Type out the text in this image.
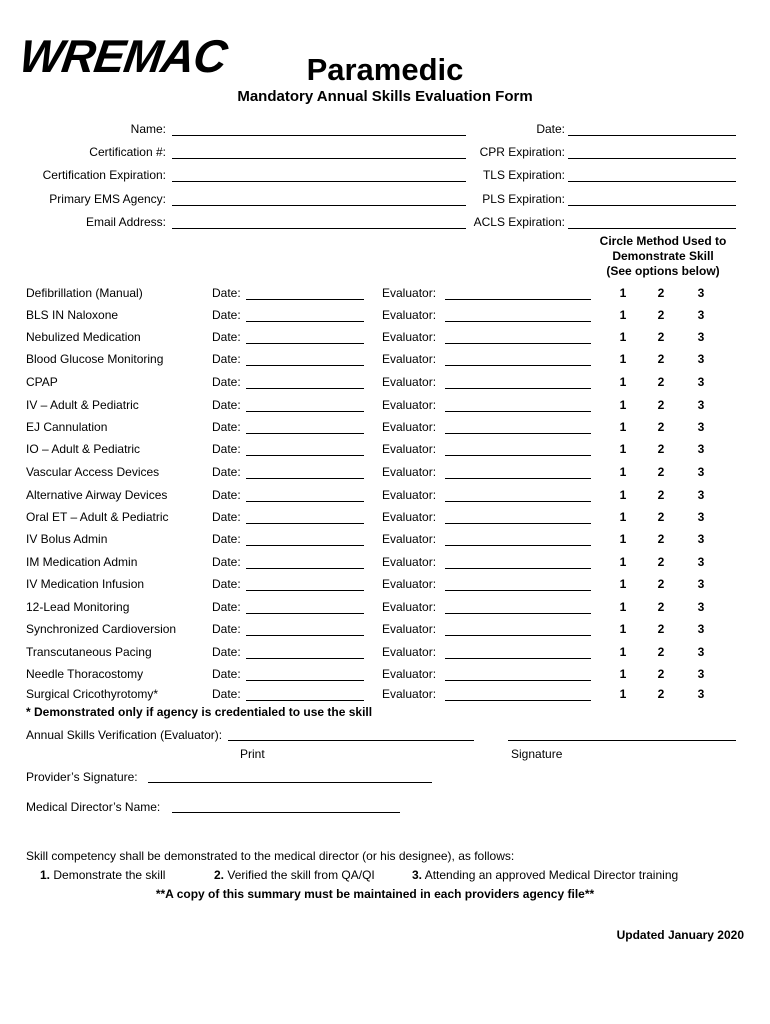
WREMAC	Paramedic
Mandatory Annual Skills Evaluation Form
Name:
Certification #:
Certification Expiration:
Primary EMS Agency:
Email Address:
Date:
CPR Expiration:
TLS Expiration:
PLS Expiration:
ACLS Expiration:
Circle Method Used to
Demonstrate Skill
(See options below)
Defibrillation (Manual)	Date:	Evaluator:	1	2	3
BLS IN Naloxone	Date:	Evaluator:	1	2	3
Nebulized Medication	Date:	Evaluator:	1	2	3
Blood Glucose Monitoring	Date:	Evaluator:	1	2	3
CPAP	Date:	Evaluator:	1	2	3
IV – Adult & Pediatric	Date:	Evaluator:	1	2	3
EJ Cannulation	Date:	Evaluator:	1	2	3
IO – Adult & Pediatric	Date:	Evaluator:	1	2	3
Vascular Access Devices	Date:	Evaluator:	1	2	3
Alternative Airway Devices	Date:	Evaluator:	1	2	3
Oral ET – Adult & Pediatric	Date:	Evaluator:	1	2	3
IV Bolus Admin	Date:	Evaluator:	1	2	3
IM Medication Admin	Date:	Evaluator:	1	2	3
IV Medication Infusion	Date:	Evaluator:	1	2	3
12-Lead Monitoring	Date:	Evaluator:	1	2	3
Synchronized Cardioversion	Date:	Evaluator:	1	2	3
Transcutaneous Pacing	Date:	Evaluator:	1	2	3
Needle Thoracostomy	Date:	Evaluator:	1	2	3
Surgical Cricothyrotomy*	Date:	Evaluator:	1	2	3
* Demonstrated only if agency is credentialed to use the skill
Annual Skills Verification (Evaluator):
Print	Signature
Provider’s Signature:
Medical Director’s Name:
Skill competency shall be demonstrated to the medical director (or his designee), as follows:
1. Demonstrate the skill	2. Verified the skill from QA/QI	3. Attending an approved Medical Director training
**A copy of this summary must be maintained in each providers agency file**
Updated January 2020
